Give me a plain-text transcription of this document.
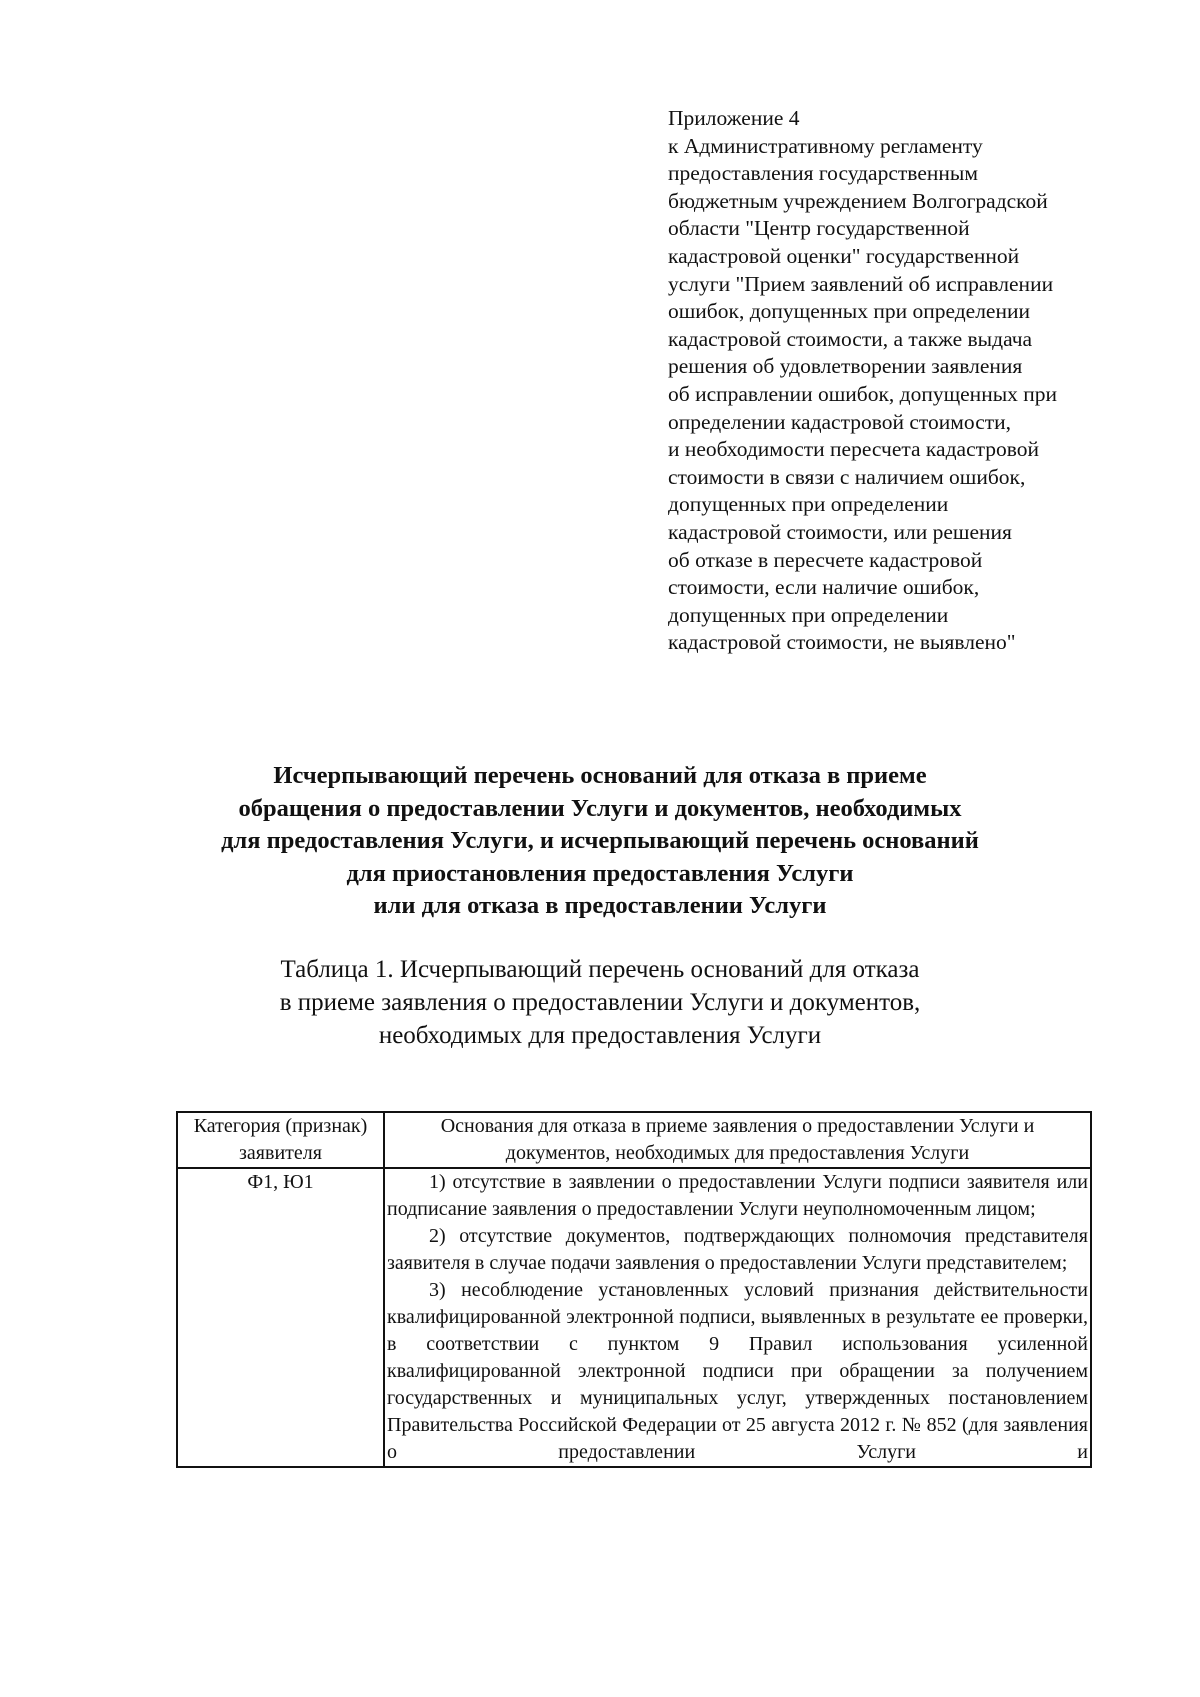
Приложение 4
к Административному регламенту
предоставления государственным
бюджетным учреждением Волгоградской
области "Центр государственной
кадастровой оценки" государственной
услуги "Прием заявлений об исправлении
ошибок, допущенных при определении
кадастровой стоимости, а также выдача
решения об удовлетворении заявления
об исправлении ошибок, допущенных при
определении кадастровой стоимости,
и необходимости пересчета кадастровой
стоимости в связи с наличием ошибок,
допущенных при определении
кадастровой стоимости, или решения
об отказе в пересчете кадастровой
стоимости, если наличие ошибок,
допущенных при определении
кадастровой стоимости, не выявлено"

Исчерпывающий перечень оснований для отказа в приеме
обращения о предоставлении Услуги и документов, необходимых
для предоставления Услуги, и исчерпывающий перечень оснований
для приостановления предоставления Услуги
или для отказа в предоставлении Услуги
Таблица 1. Исчерпывающий перечень оснований для отказа
в приеме заявления о предоставлении Услуги и документов,
необходимых для предоставления Услуги
Категория (признак) заявителя	Основания для отказа в приеме заявления о предоставлении Услуги и документов, необходимых для предоставления Услуги
Ф1, Ю1	1) отсутствие в заявлении о предоставлении Услуги подписи заявителя или подписание заявления о предоставлении Услуги неуполномоченным лицом;
2) отсутствие документов, подтверждающих полномочия представителя заявителя в случае подачи заявления о предоставлении Услуги представителем;
3) несоблюдение установленных условий признания действительности квалифицированной электронной подписи, выявленных в результате ее проверки, в соответствии с пунктом 9 Правил использования усиленной квалифицированной электронной подписи при обращении за получением государственных и муниципальных услуг, утвержденных постановлением Правительства Российской Федерации от 25 августа 2012 г. № 852 (для заявления о предоставлении Услуги и
